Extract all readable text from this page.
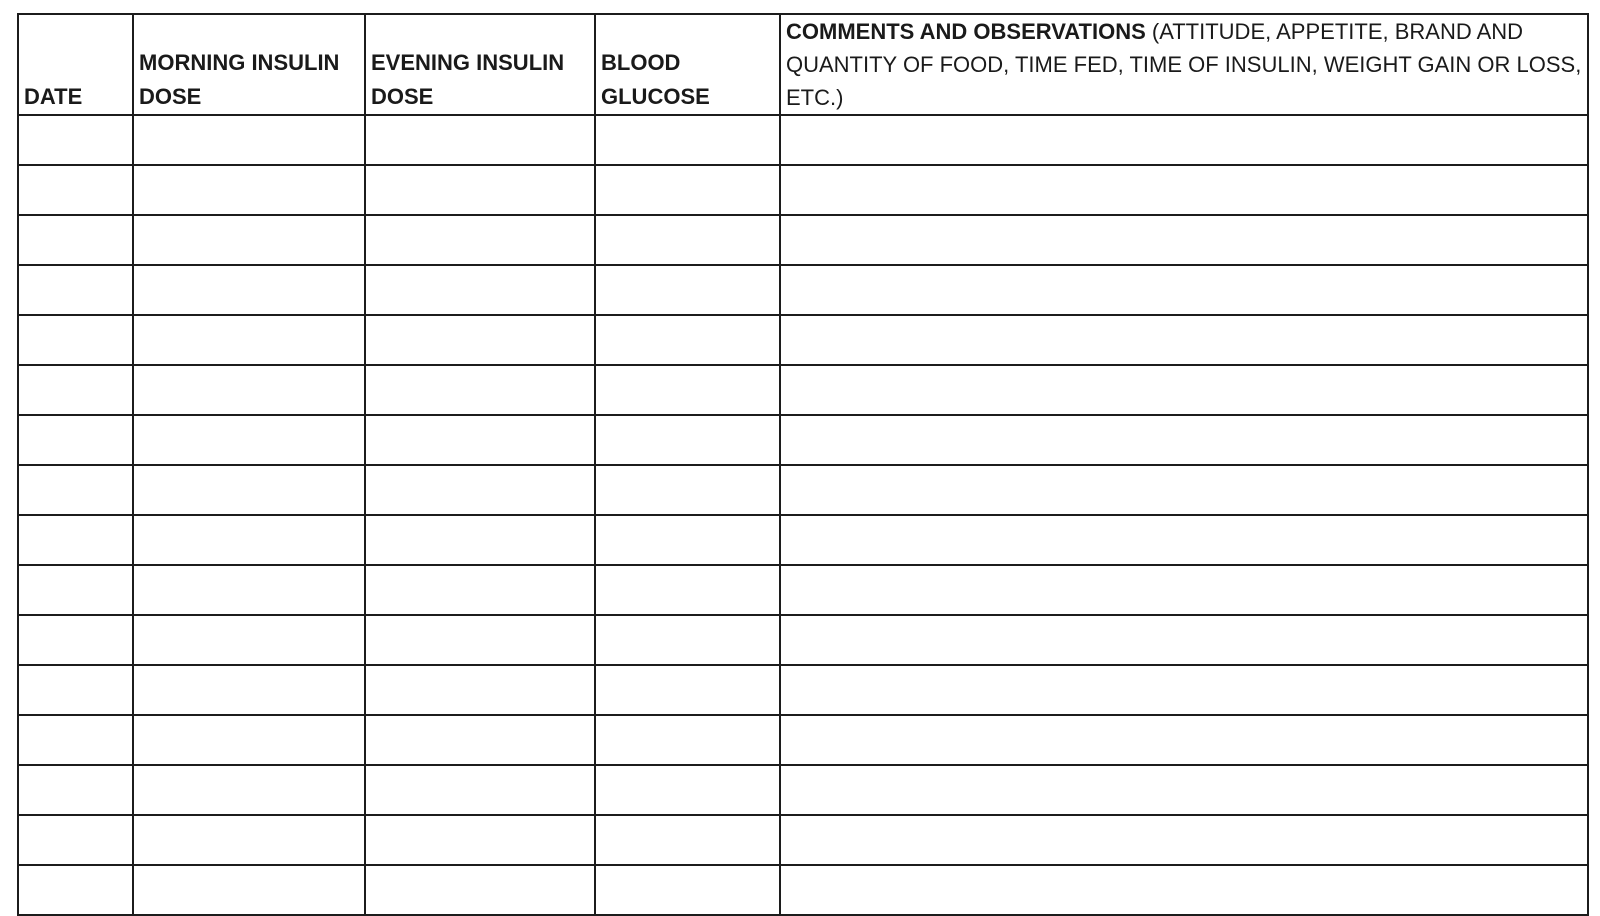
DATE	MORNING INSULIN DOSE	EVENING INSULIN DOSE	BLOOD GLUCOSE	COMMENTS AND OBSERVATIONS (ATTITUDE, APPETITE, BRAND AND QUANTITY OF FOOD, TIME FED, TIME OF INSULIN, WEIGHT GAIN OR LOSS, ETC.)
